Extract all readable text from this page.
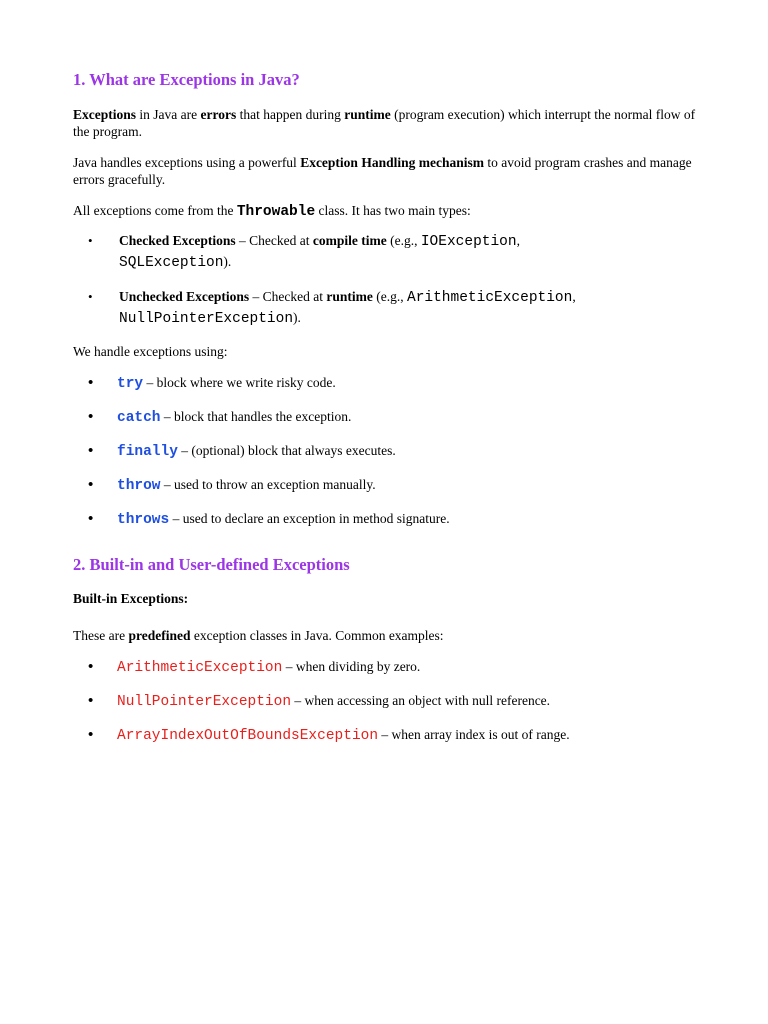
1. What are Exceptions in Java?

Exceptions in Java are errors that happen during runtime (program execution) which interrupt the normal flow of the program.

Java handles exceptions using a powerful Exception Handling mechanism to avoid program crashes and manage errors gracefully.

All exceptions come from the Throwable class. It has two main types:

• Checked Exceptions – Checked at compile time (e.g., IOException,
SQLException).
• Unchecked Exceptions – Checked at runtime (e.g., ArithmeticException,
NullPointerException).

We handle exceptions using:

• try – block where we write risky code.
• catch – block that handles the exception.
• finally – (optional) block that always executes.
• throw – used to throw an exception manually.
• throws – used to declare an exception in method signature.
2. Built-in and User-defined Exceptions

Built-in Exceptions:

These are predefined exception classes in Java. Common examples:

• ArithmeticException – when dividing by zero.
• NullPointerException – when accessing an object with null reference.
• ArrayIndexOutOfBoundsException – when array index is out of range.
